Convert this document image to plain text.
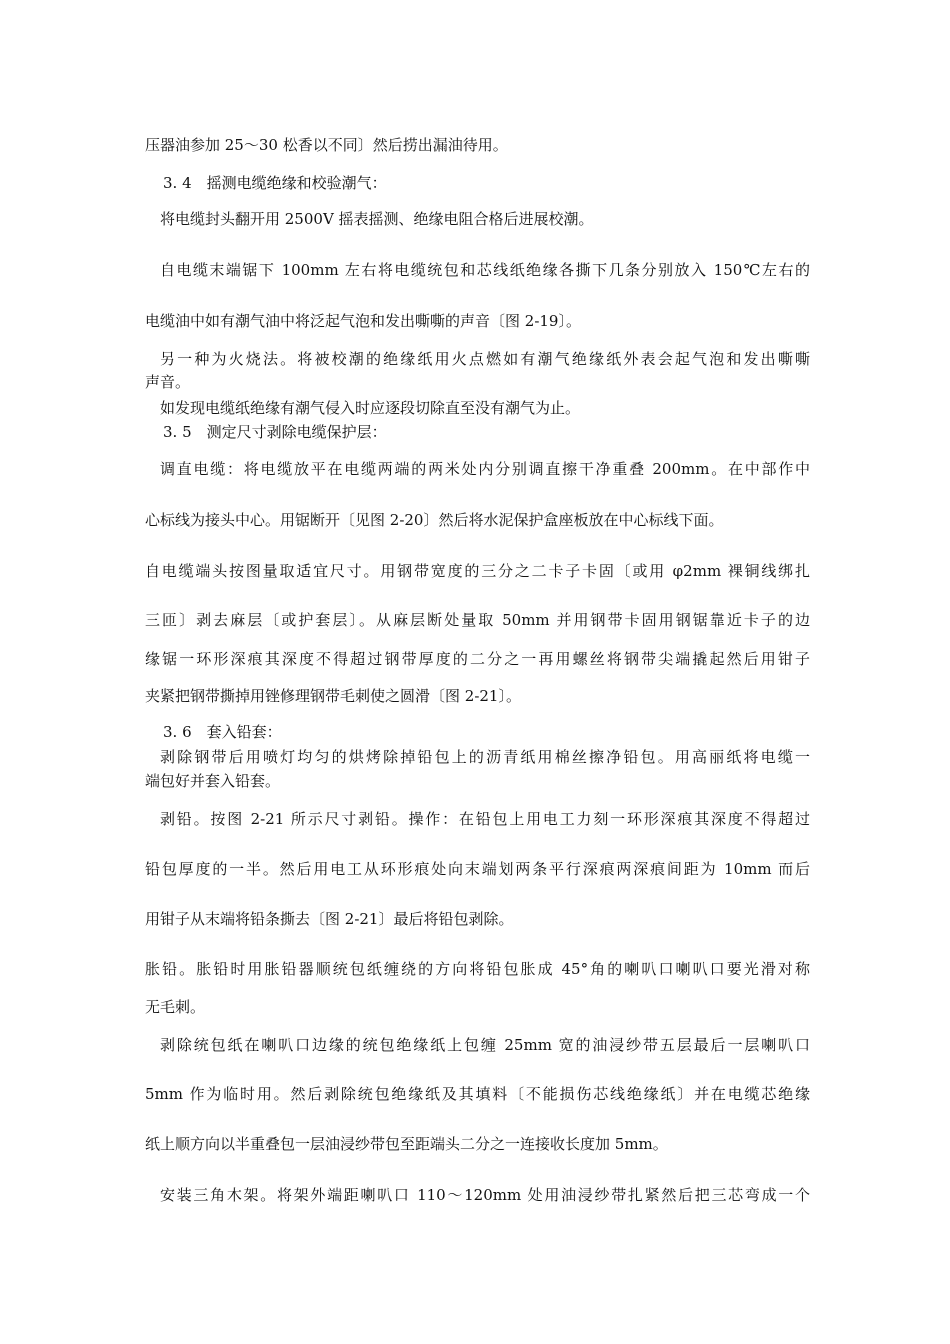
压器油参加 25～30 松香以不同〕然后捞出漏油待用。
3. 4　摇测电缆绝缘和校验潮气：
将电缆封头翻开用 2500V 摇表摇测、绝缘电阻合格后进展校潮。
自电缆末端锯下 100mm 左右将电缆统包和芯线纸绝缘各撕下几条分别放入 150℃左右的
电缆油中如有潮气油中将泛起气泡和发出嘶嘶的声音〔图 2-19〕。
另一种为火烧法。将被校潮的绝缘纸用火点燃如有潮气绝缘纸外表会起气泡和发出嘶嘶
声音。
如发现电缆纸绝缘有潮气侵入时应逐段切除直至没有潮气为止。
3. 5　测定尺寸剥除电缆保护层：
调直电缆：将电缆放平在电缆两端的两米处内分别调直擦干净重叠 200mm。在中部作中
心标线为接头中心。用锯断开〔见图 2-20〕然后将水泥保护盒座板放在中心标线下面。
自电缆端头按图量取适宜尺寸。用钢带宽度的三分之二卡子卡固〔或用 φ2mm 裸铜线绑扎
三匝〕剥去麻层〔或护套层〕。从麻层断处量取 50mm 并用钢带卡固用钢锯靠近卡子的边
缘锯一环形深痕其深度不得超过钢带厚度的二分之一再用螺丝将钢带尖端撬起然后用钳子
夹紧把钢带撕掉用锉修理钢带毛刺使之圆滑〔图 2-21〕。
3. 6　套入铅套：
剥除钢带后用喷灯均匀的烘烤除掉铅包上的沥青纸用棉丝擦净铅包。用高丽纸将电缆一
端包好并套入铅套。
剥铅。按图 2-21 所示尺寸剥铅。操作：在铅包上用电工力刻一环形深痕其深度不得超过
铅包厚度的一半。然后用电工从环形痕处向末端划两条平行深痕两深痕间距为 10mm 而后
用钳子从末端将铅条撕去〔图 2-21〕最后将铅包剥除。
胀铅。胀铅时用胀铅器顺统包纸缠绕的方向将铅包胀成 45°角的喇叭口喇叭口要光滑对称
无毛刺。
剥除统包纸在喇叭口边缘的统包绝缘纸上包缠 25mm 宽的油浸纱带五层最后一层喇叭口
5mm 作为临时用。然后剥除统包绝缘纸及其填料〔不能损伤芯线绝缘纸〕并在电缆芯绝缘
纸上顺方向以半重叠包一层油浸纱带包至距端头二分之一连接收长度加 5mm。
安装三角木架。将架外端距喇叭口 110～120mm 处用油浸纱带扎紧然后把三芯弯成一个
